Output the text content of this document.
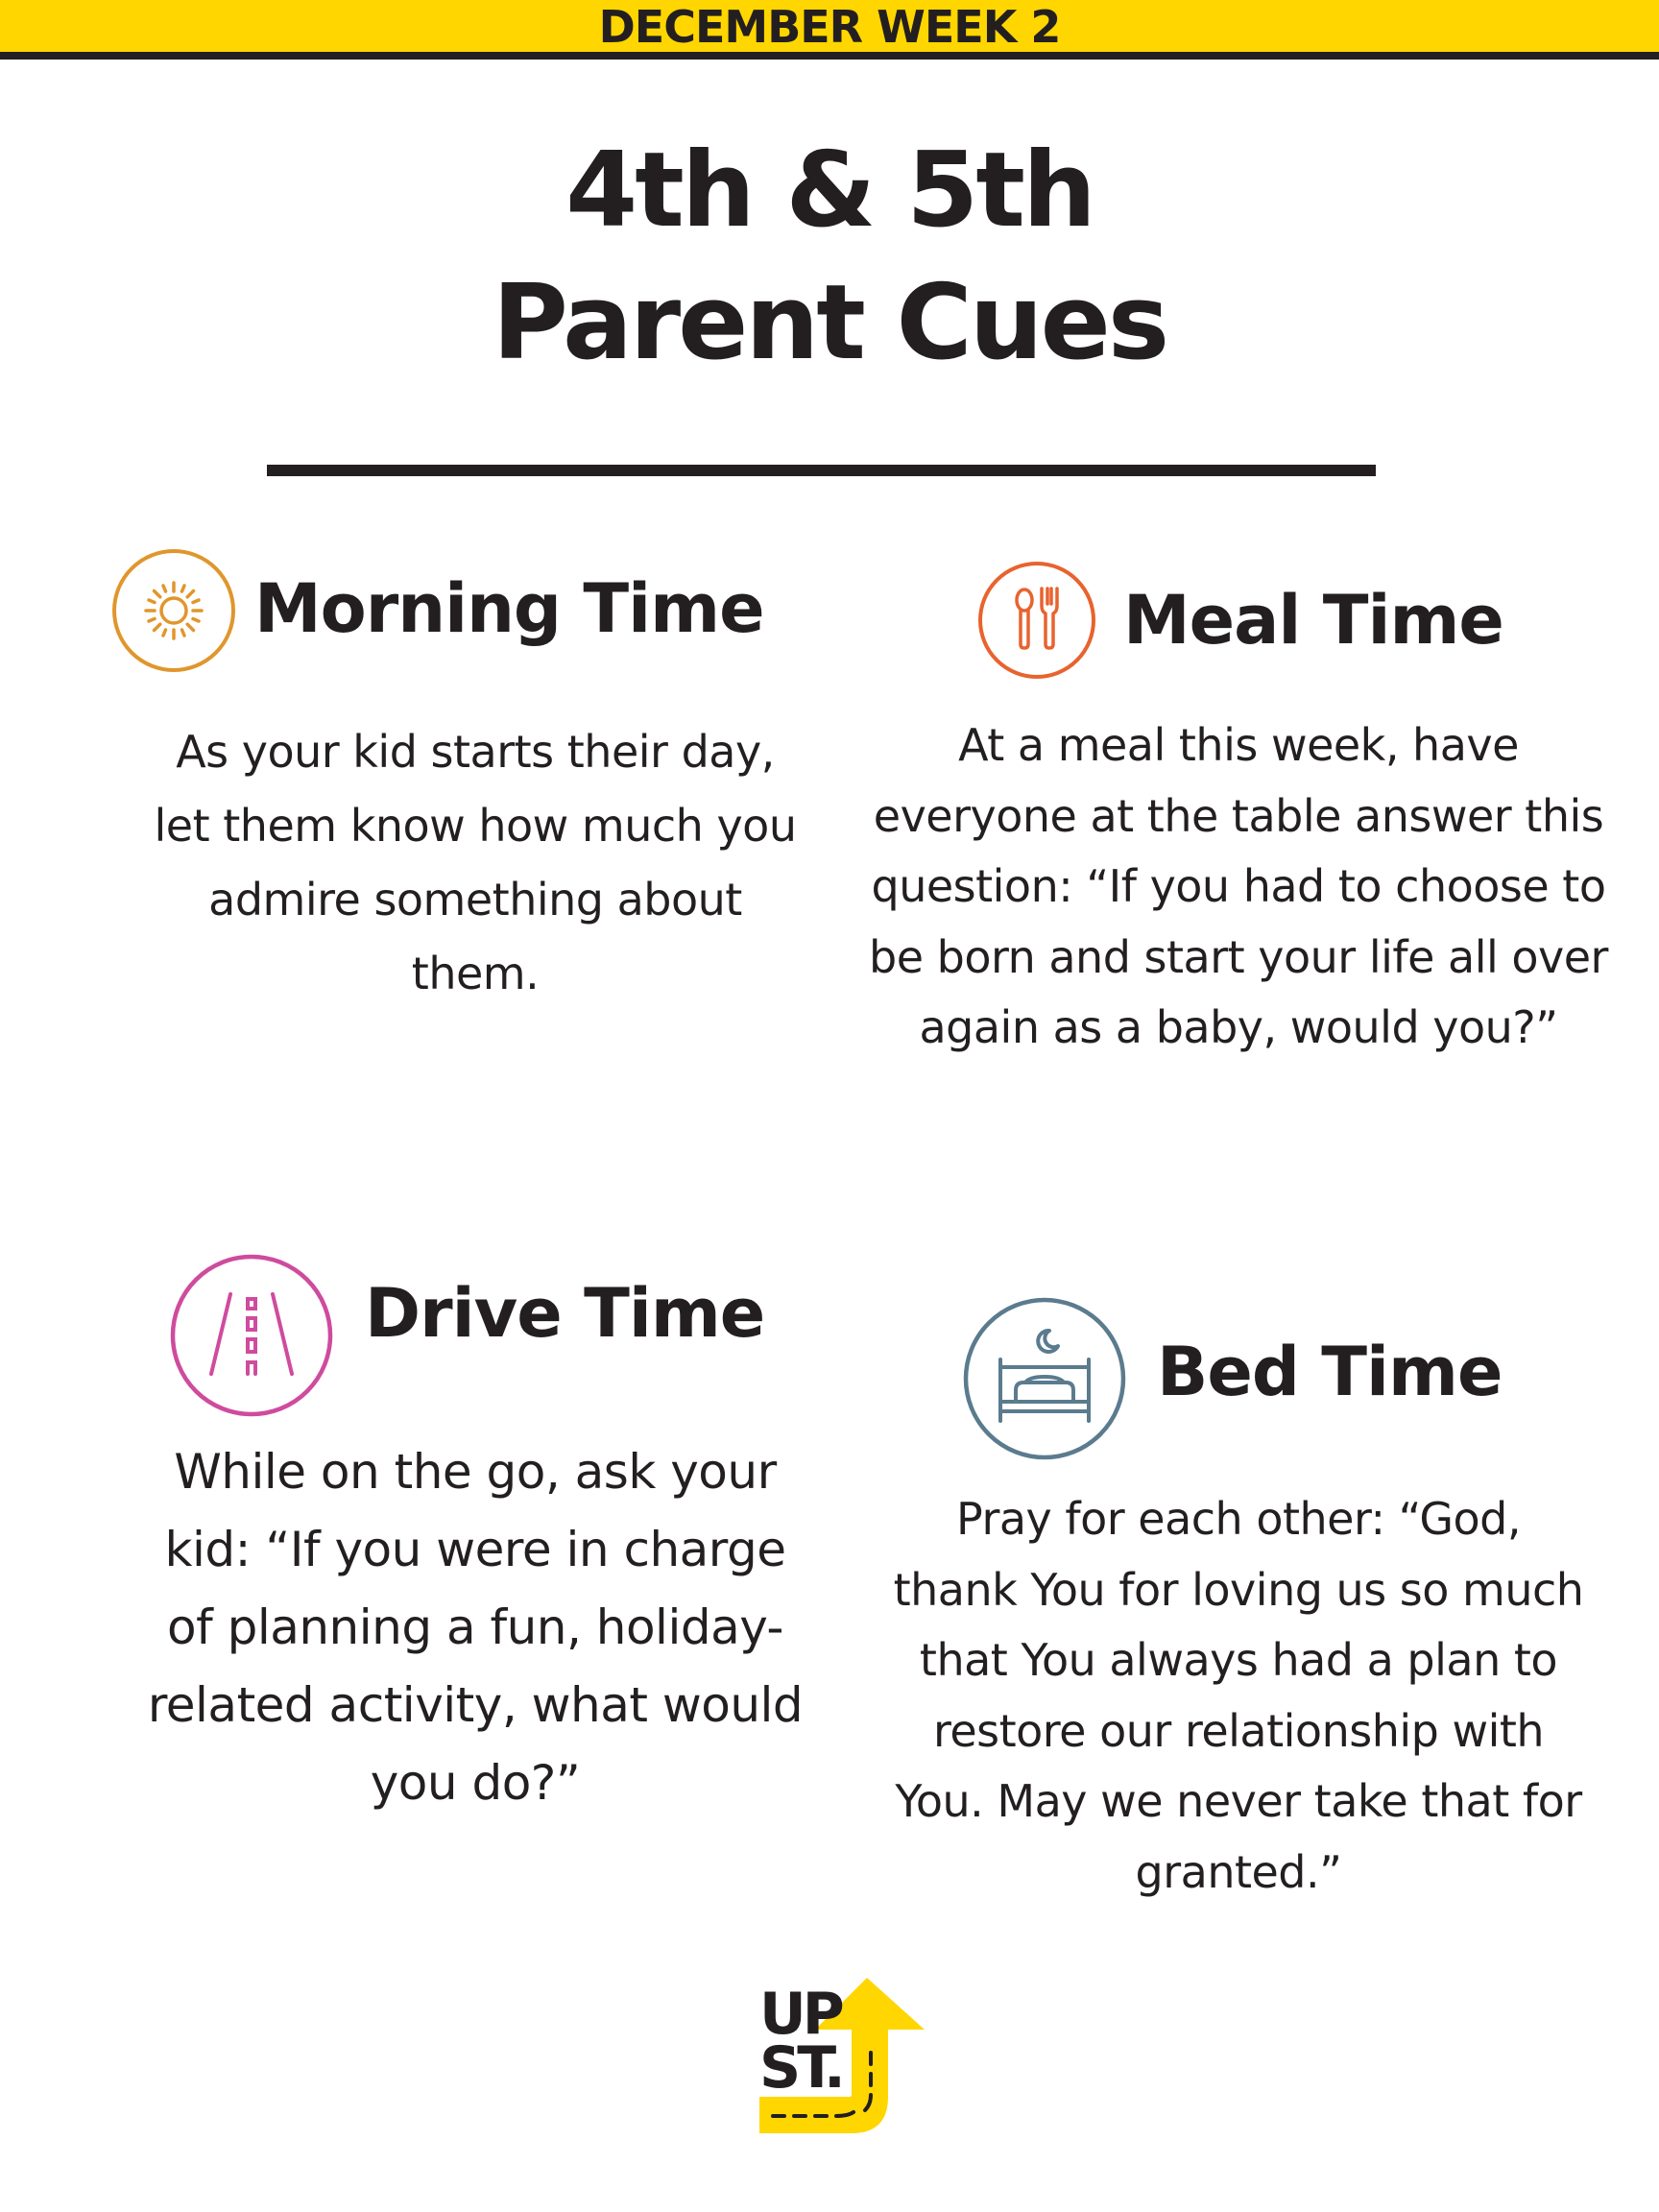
DECEMBER WEEK 2
4th & 5th
Parent Cues
Morning Time
As your kid starts their day,
let them know how much you
admire something about
them.
Meal Time
At a meal this week, have
everyone at the table answer this
question: “If you had to choose to
be born and start your life all over
again as a baby, would you?”
Drive Time
While on the go, ask your
kid: “If you were in charge
of planning a fun, holiday-
related activity, what would
you do?”
Bed Time
Pray for each other: “God,
thank You for loving us so much
that You always had a plan to
restore our relationship with
You. May we never take that for
granted.”
UP
ST.
